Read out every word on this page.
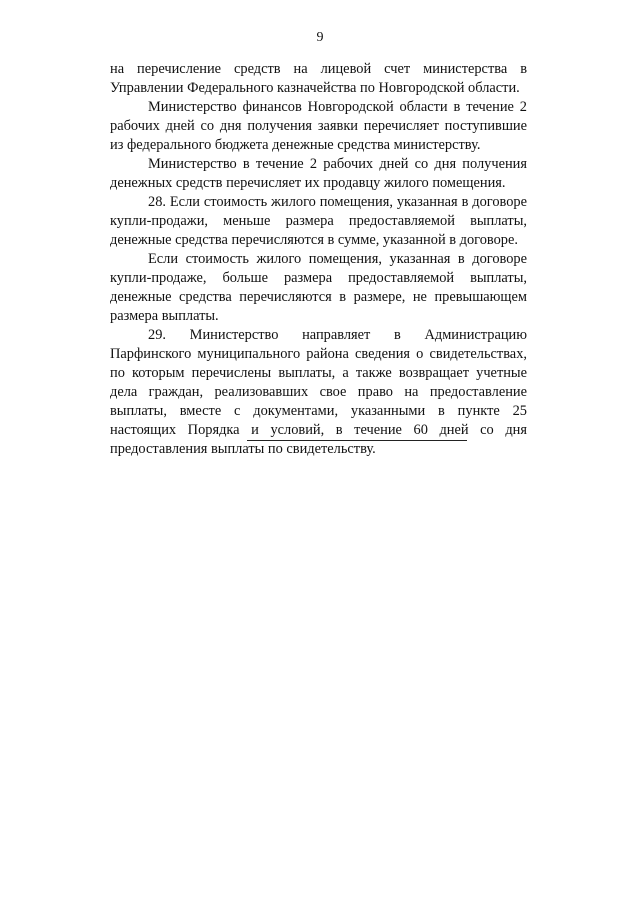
9

на перечисление средств на лицевой счет министерства в Управлении Федерального казначейства по Новгородской области.

Министерство финансов Новгородской области в течение 2 рабочих дней со дня получения заявки перечисляет поступившие из федерального бюджета денежные средства министерству.

Министерство в течение 2 рабочих дней со дня получения денежных средств перечисляет их продавцу жилого помещения.

28. Если стоимость жилого помещения, указанная в договоре купли-продажи, меньше размера предоставляемой выплаты, денежные средства перечисляются в сумме, указанной в договоре.

Если стоимость жилого помещения, указанная в договоре купли-продаже, больше размера предоставляемой выплаты, денежные средства перечисляются в размере, не превышающем размера выплаты.

29. Министерство направляет в Администрацию Парфинского муниципального района сведения о свидетельствах, по которым перечислены выплаты, а также возвращает учетные дела граждан, реализовавших свое право на предоставление выплаты, вместе с документами, указанными в пункте 25 настоящих Порядка и условий, в течение 60 дней со дня предоставления выплаты по свидетельству.
